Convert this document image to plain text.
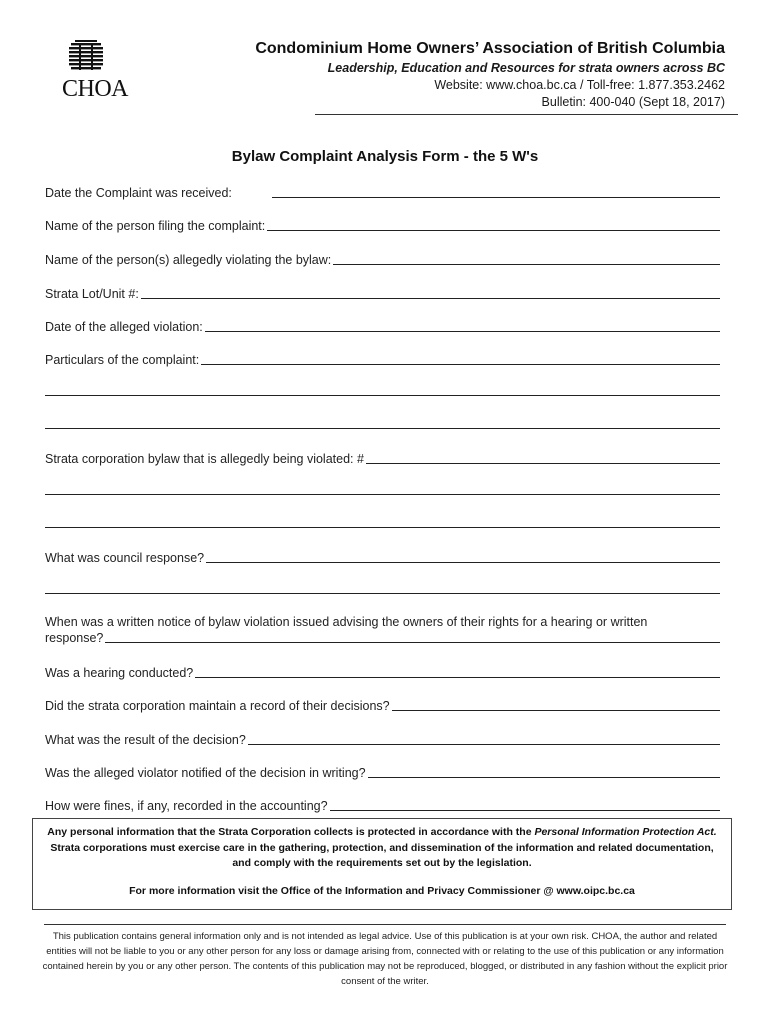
CHOA
Condominium Home Owners’ Association of British Columbia
Leadership, Education and Resources for strata owners across BC
Website: www.choa.bc.ca / Toll-free: 1.877.353.2462
Bulletin: 400-040 (Sept 18, 2017)
Bylaw Complaint Analysis Form - the 5 W's
Date the Complaint was received:
Name of the person filing the complaint:
Name of the person(s) allegedly violating the bylaw:
Strata Lot/Unit #:
Date of the alleged violation:
Particulars of the complaint:
Strata corporation bylaw that is allegedly being violated: #
What was council response?
When was a written notice of bylaw violation issued advising the owners of their rights for a hearing or written
response?
Was a hearing conducted?
Did the strata corporation maintain a record of their decisions?
What was the result of the decision?
Was the alleged violator notified of the decision in writing?
How were fines, if any, recorded in the accounting?
Any personal information that the Strata Corporation collects is protected in accordance with the Personal Information Protection Act. Strata corporations must exercise care in the gathering, protection, and dissemination of the information and related documentation, and comply with the requirements set out by the legislation.
For more information visit the Office of the Information and Privacy Commissioner @ www.oipc.bc.ca
This publication contains general information only and is not intended as legal advice. Use of this publication is at your own risk. CHOA, the author and related entities will not be liable to you or any other person for any loss or damage arising from, connected with or relating to the use of this publication or any information contained herein by you or any other person. The contents of this publication may not be reproduced, blogged, or distributed in any fashion without the explicit prior consent of the writer.
